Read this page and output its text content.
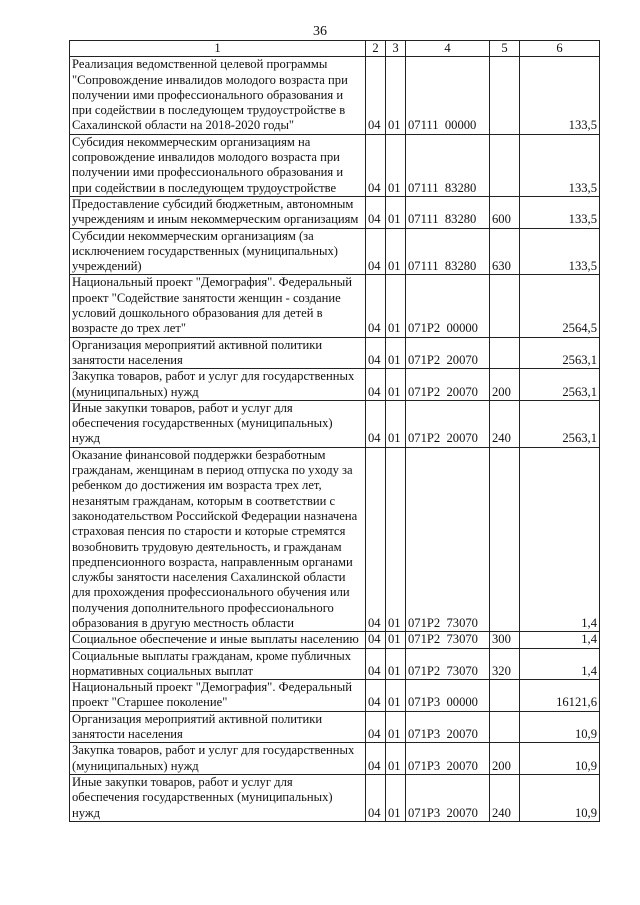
36
1	2	3	4	5	6
Реализация ведомственной целевой программы "Сопровождение инвалидов молодого возраста при получении ими профессионального образования и при содействии в последующем трудоустройстве в Сахалинской области на 2018-2020 годы"	04	01	07111  00000		133,5
Субсидия некоммерческим организациям на сопровождение инвалидов молодого возраста при получении ими профессионального образования и при содействии в последующем трудоустройстве	04	01	07111  83280		133,5
Предоставление субсидий бюджетным, автономным учреждениям и иным некоммерческим организациям	04	01	07111  83280	600	133,5
Субсидии некоммерческим организациям (за исключением государственных (муниципальных) учреждений)	04	01	07111  83280	630	133,5
Национальный проект "Демография". Федеральный проект "Содействие занятости женщин - создание условий дошкольного образования для детей в возрасте до трех лет"	04	01	071P2  00000		2564,5
Организация мероприятий активной политики занятости населения	04	01	071P2  20070		2563,1
Закупка товаров, работ и услуг для государственных (муниципальных) нужд	04	01	071P2  20070	200	2563,1
Иные закупки товаров, работ и услуг для обеспечения государственных (муниципальных) нужд	04	01	071P2  20070	240	2563,1
Оказание финансовой поддержки безработным гражданам, женщинам в период отпуска по уходу за ребенком до достижения им возраста трех лет, незанятым гражданам, которым в соответствии с законодательством Российской Федерации назначена страховая пенсия по старости и которые стремятся возобновить трудовую деятельность, и гражданам предпенсионного возраста, направленным органами службы занятости населения Сахалинской области для прохождения профессионального обучения или получения дополнительного профессионального образования в другую местность области	04	01	071P2  73070		1,4
Социальное обеспечение и иные выплаты населению	04	01	071P2  73070	300	1,4
Социальные выплаты гражданам, кроме публичных нормативных социальных выплат	04	01	071P2  73070	320	1,4
Национальный проект "Демография". Федеральный проект "Старшее поколение"	04	01	071P3  00000		16121,6
Организация мероприятий активной политики занятости населения	04	01	071P3  20070		10,9
Закупка товаров, работ и услуг для государственных (муниципальных) нужд	04	01	071P3  20070	200	10,9
Иные закупки товаров, работ и услуг для обеспечения государственных (муниципальных) нужд	04	01	071P3  20070	240	10,9
